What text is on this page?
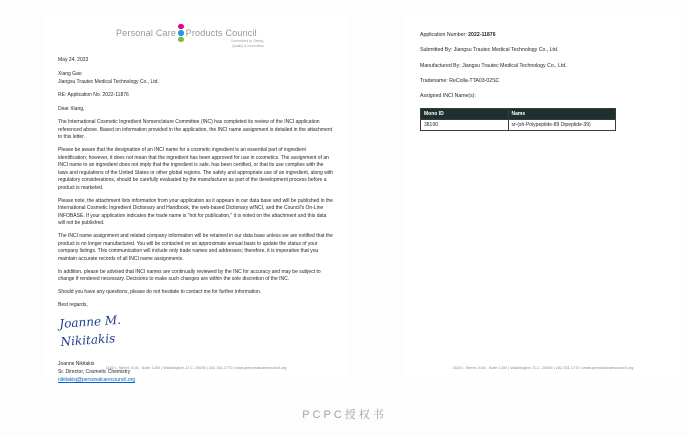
Personal Care Products Council
Committed to Safety,
Quality & Innovation
May 24, 2023
Xiang Gao
Jiangsu Trautec Medical Technology Co., Ltd.
RE: Application No. 2022-11876
Dear Xiang,
The International Cosmetic Ingredient Nomenclature Committee (INC) has completed its review of the INCI application referenced above. Based on information provided in the application, the INCI name assignment is detailed in the attachment to this letter.
Please be aware that the designation of an INCI name for a cosmetic ingredient is an essential part of ingredient identification; however, it does not mean that the ingredient has been approved for use in cosmetics. The assignment of an INCI name to an ingredient does not imply that the ingredient is safe, has been certified, or that its use complies with the laws and regulations of the United States or other global regions. The safety and appropriate use of an ingredient, along with regulatory considerations, should be carefully evaluated by the manufacturer as part of the development process before a product is marketed.
Please note, the attachment lists information from your application as it appears in our data base and will be published in the International Cosmetic Ingredient Dictionary and Handbook, the web-based Dictionary wINCI, and the Council's On-Line INFOBASE. If your application indicates the trade name is "not for publication," it is noted on the attachment and this data will not be published.
The INCI name assignment and related company information will be retained in our data base unless we are notified that the product is no longer manufactured. You will be contacted on an approximate annual basis to update the status of your company listings. This communication will include only trade names and addresses; therefore, it is imperative that you maintain accurate records of all INCI name assignments.
In addition, please be advised that INCI names are continually reviewed by the INC for accuracy and may be subject to change if rendered necessary. Decisions to make such changes are within the sole discretion of the INC.
Should you have any questions, please do not hesitate to contact me for further information.
Best regards,
Joanne M. Nikitakis
Joanne Nikitakis
Sr. Director, Cosmetic Chemistry
nikitakisj@personalcarecouncil.org
1620 L Street, N.W., Suite 1200 | Washington, D.C. 20036 | 202.331.1770 | www.personalcarecouncil.org
Application Number: 2022-11876
Submitted By: Jiangsu Trautec Medical Technology Co., Ltd.
Manufactured By: Jiangsu Trautec Medical Technology Co., Ltd.
Tradename: ReColla-TTA03-02SC
Assigned INCI Name(s):
Mono ID	Name
38190	sr-(sh-Polypeptide-89 Dipeptide-39)
1620 L Street, N.W., Suite 1200 | Washington, D.C. 20036 | 202.331.1770 | www.personalcarecouncil.org
PCPC授权书
